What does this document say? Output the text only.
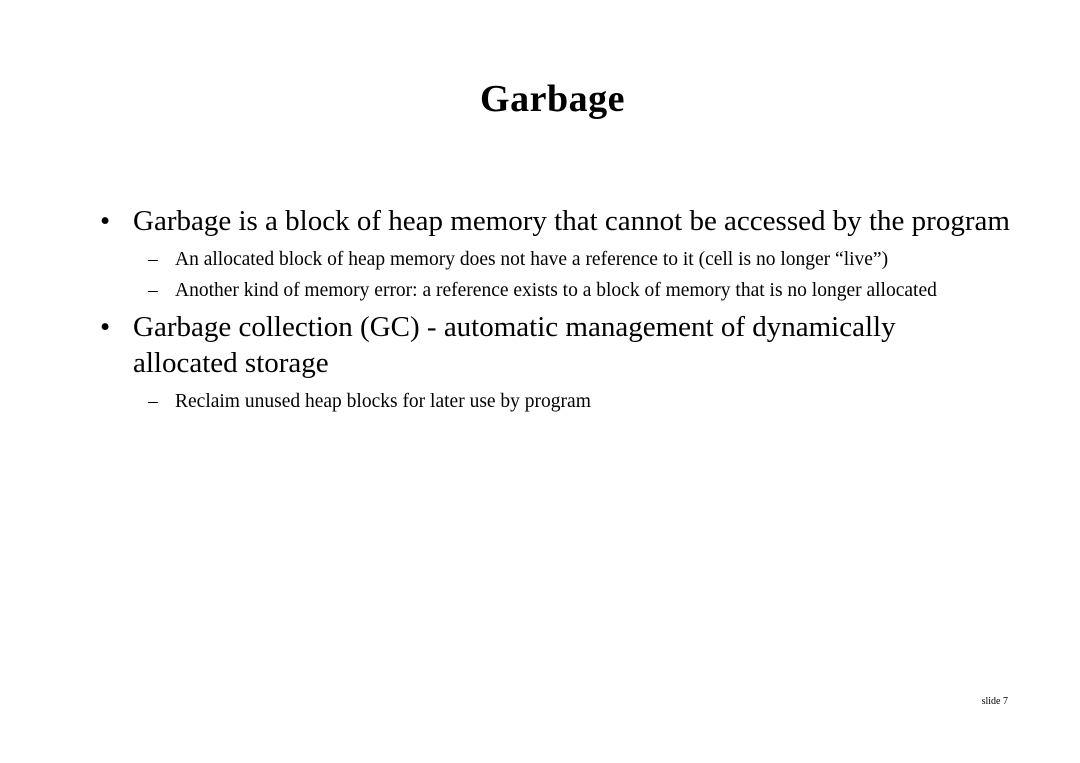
Garbage
• Garbage is a block of heap memory that cannot be accessed by the program
– An allocated block of heap memory does not have a reference to it (cell is no longer “live”)
– Another kind of memory error: a reference exists to a block of memory that is no longer allocated
• Garbage collection (GC) - automatic management of dynamically allocated storage
– Reclaim unused heap blocks for later use by program
slide 7
